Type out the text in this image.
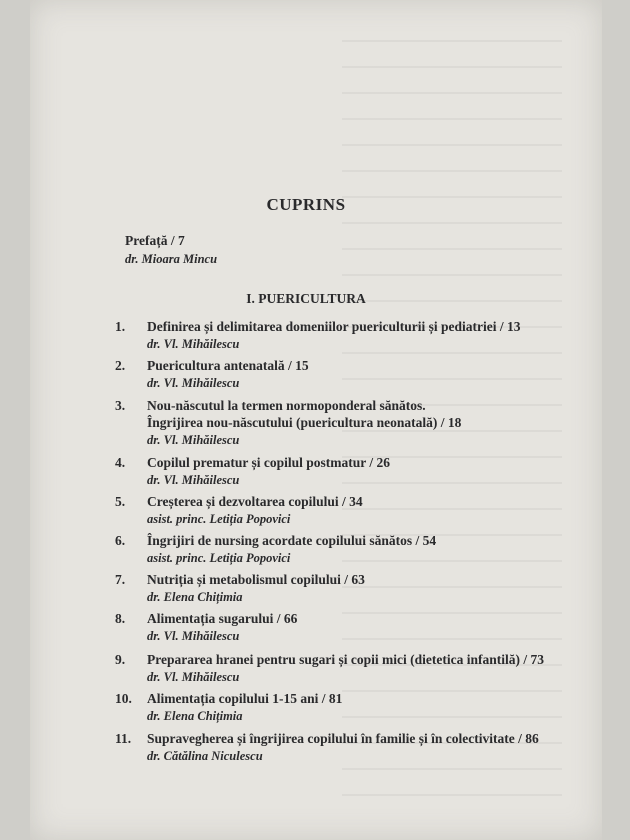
CUPRINS
Prefață / 7
dr. Mioara Mincu
I. PUERICULTURA
1. Definirea și delimitarea domeniilor puericulturii și pediatriei / 13
dr. Vl. Mihăilescu
2. Puericultura antenatală / 15
dr. Vl. Mihăilescu
3. Nou-născutul la termen normoponderal sănătos.
Îngrijirea nou-născutului (puericultura neonatală) / 18
dr. Vl. Mihăilescu
4. Copilul prematur și copilul postmatur / 26
dr. Vl. Mihăilescu
5. Creșterea și dezvoltarea copilului / 34
asist. princ. Letiția Popovici
6. Îngrijiri de nursing acordate copilului sănătos / 54
asist. princ. Letiția Popovici
7. Nutriția și metabolismul copilului / 63
dr. Elena Chițimia
8. Alimentația sugarului / 66
dr. Vl. Mihăilescu
9. Prepararea hranei pentru sugari și copii mici (dietetica infantilă) / 73
dr. Vl. Mihăilescu
10. Alimentația copilului 1-15 ani / 81
dr. Elena Chițimia
11. Supravegherea și îngrijirea copilului în familie și în colectivitate / 86
dr. Cătălina Niculescu
